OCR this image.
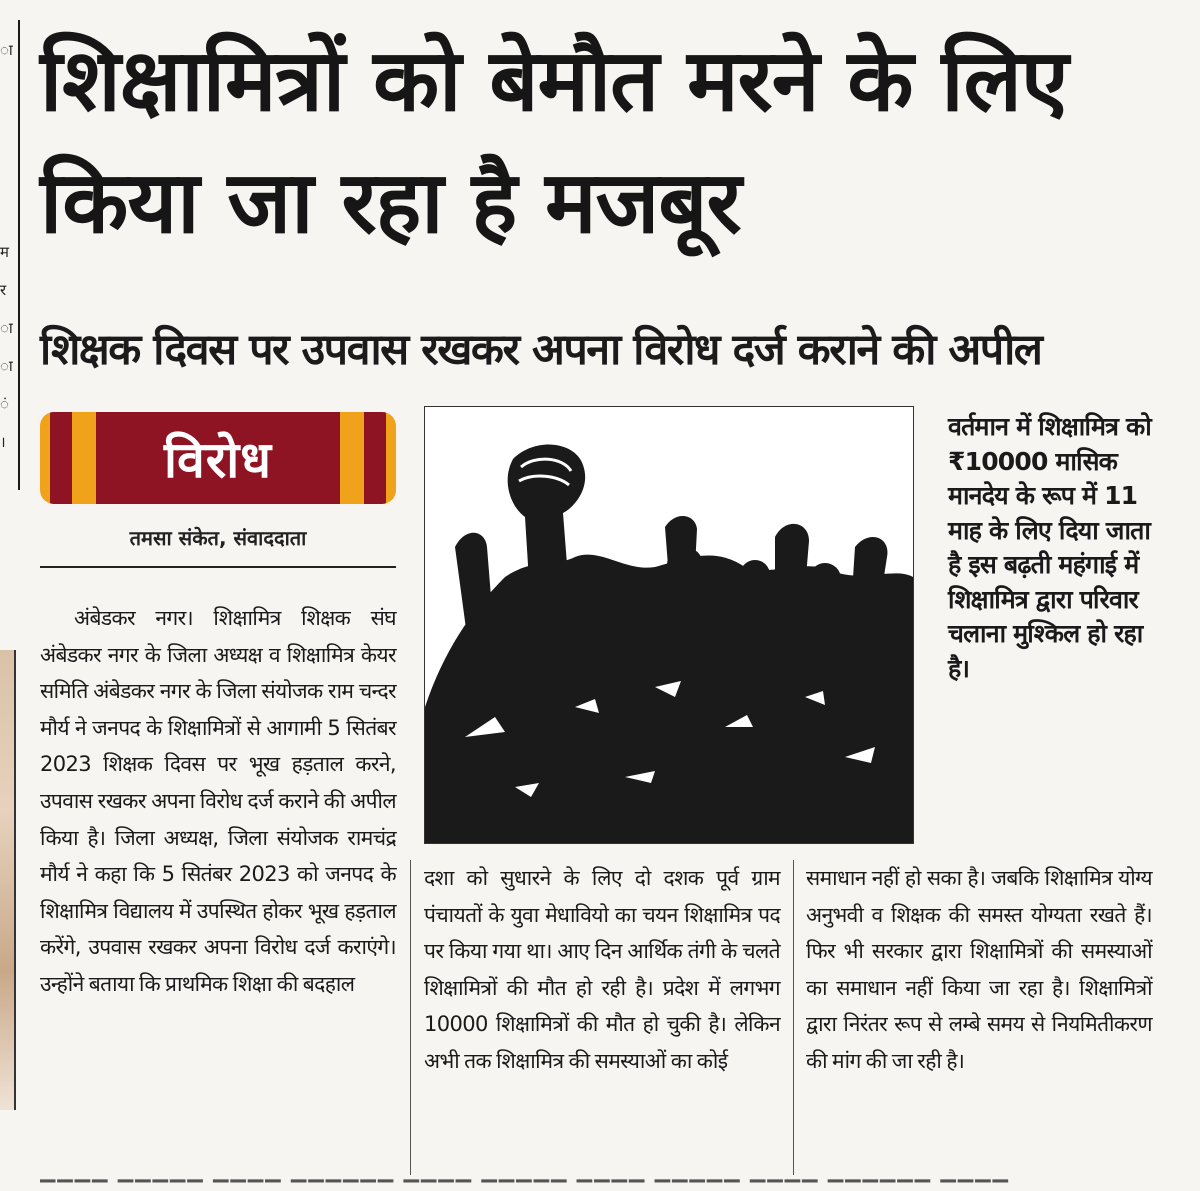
ा
म
र
ा
ा
ं
।
शिक्षामित्रों को बेमौत मरने के लिए किया जा रहा है मजबूर
शिक्षक दिवस पर उपवास रखकर अपना विरोध दर्ज कराने की अपील
विरोध
तमसा संकेत, संवाददाता

अंबेडकर नगर। शिक्षामित्र शिक्षक संघ अंबेडकर नगर के जिला अध्यक्ष व शिक्षामित्र केयर समिति अंबेडकर नगर के जिला संयोजक राम चन्दर मौर्य ने जनपद के शिक्षामित्रों से आगामी 5 सितंबर 2023 शिक्षक दिवस पर भूख हड़ताल करने, उपवास रखकर अपना विरोध दर्ज कराने की अपील किया है। जिला अध्यक्ष, जिला संयोजक रामचंद्र मौर्य ने कहा कि 5 सितंबर 2023 को जनपद के शिक्षामित्र विद्यालय में उपस्थित होकर भूख हड़ताल करेंगे, उपवास रखकर अपना विरोध दर्ज कराएंगे। उन्होंने बताया कि प्राथमिक शिक्षा की बदहाल

वर्तमान में शिक्षामित्र को ₹10000 मासिक मानदेय के रूप में 11 माह के लिए दिया जाता है इस बढ़ती महंगाई में शिक्षामित्र द्वारा परिवार चलाना मुश्किल हो रहा है।

दशा को सुधारने के लिए दो दशक पूर्व ग्राम पंचायतों के युवा मेधावियो का चयन शिक्षामित्र पद पर किया गया था। आए दिन आर्थिक तंगी के चलते शिक्षामित्रों की मौत हो रही है। प्रदेश में लगभग 10000 शिक्षामित्रों की मौत हो चुकी है। लेकिन अभी तक शिक्षामित्र की समस्याओं का कोई

समाधान नहीं हो सका है। जबकि शिक्षामित्र योग्य अनुभवी व शिक्षक की समस्त योग्यता रखते हैं। फिर भी सरकार द्वारा शिक्षामित्रों की समस्याओं का समाधान नहीं किया जा रहा है। शिक्षामित्रों द्वारा निरंतर रूप से लम्बे समय से नियमितीकरण की मांग की जा रही है।

▔▔▔▔ ▔▔▔▔▔ ▔▔▔▔ ▔▔▔▔▔▔ ▔▔▔▔ ▔▔▔▔▔ ▔▔▔▔ ▔▔▔▔▔ ▔▔▔▔ ▔▔▔▔▔▔ ▔▔▔▔
